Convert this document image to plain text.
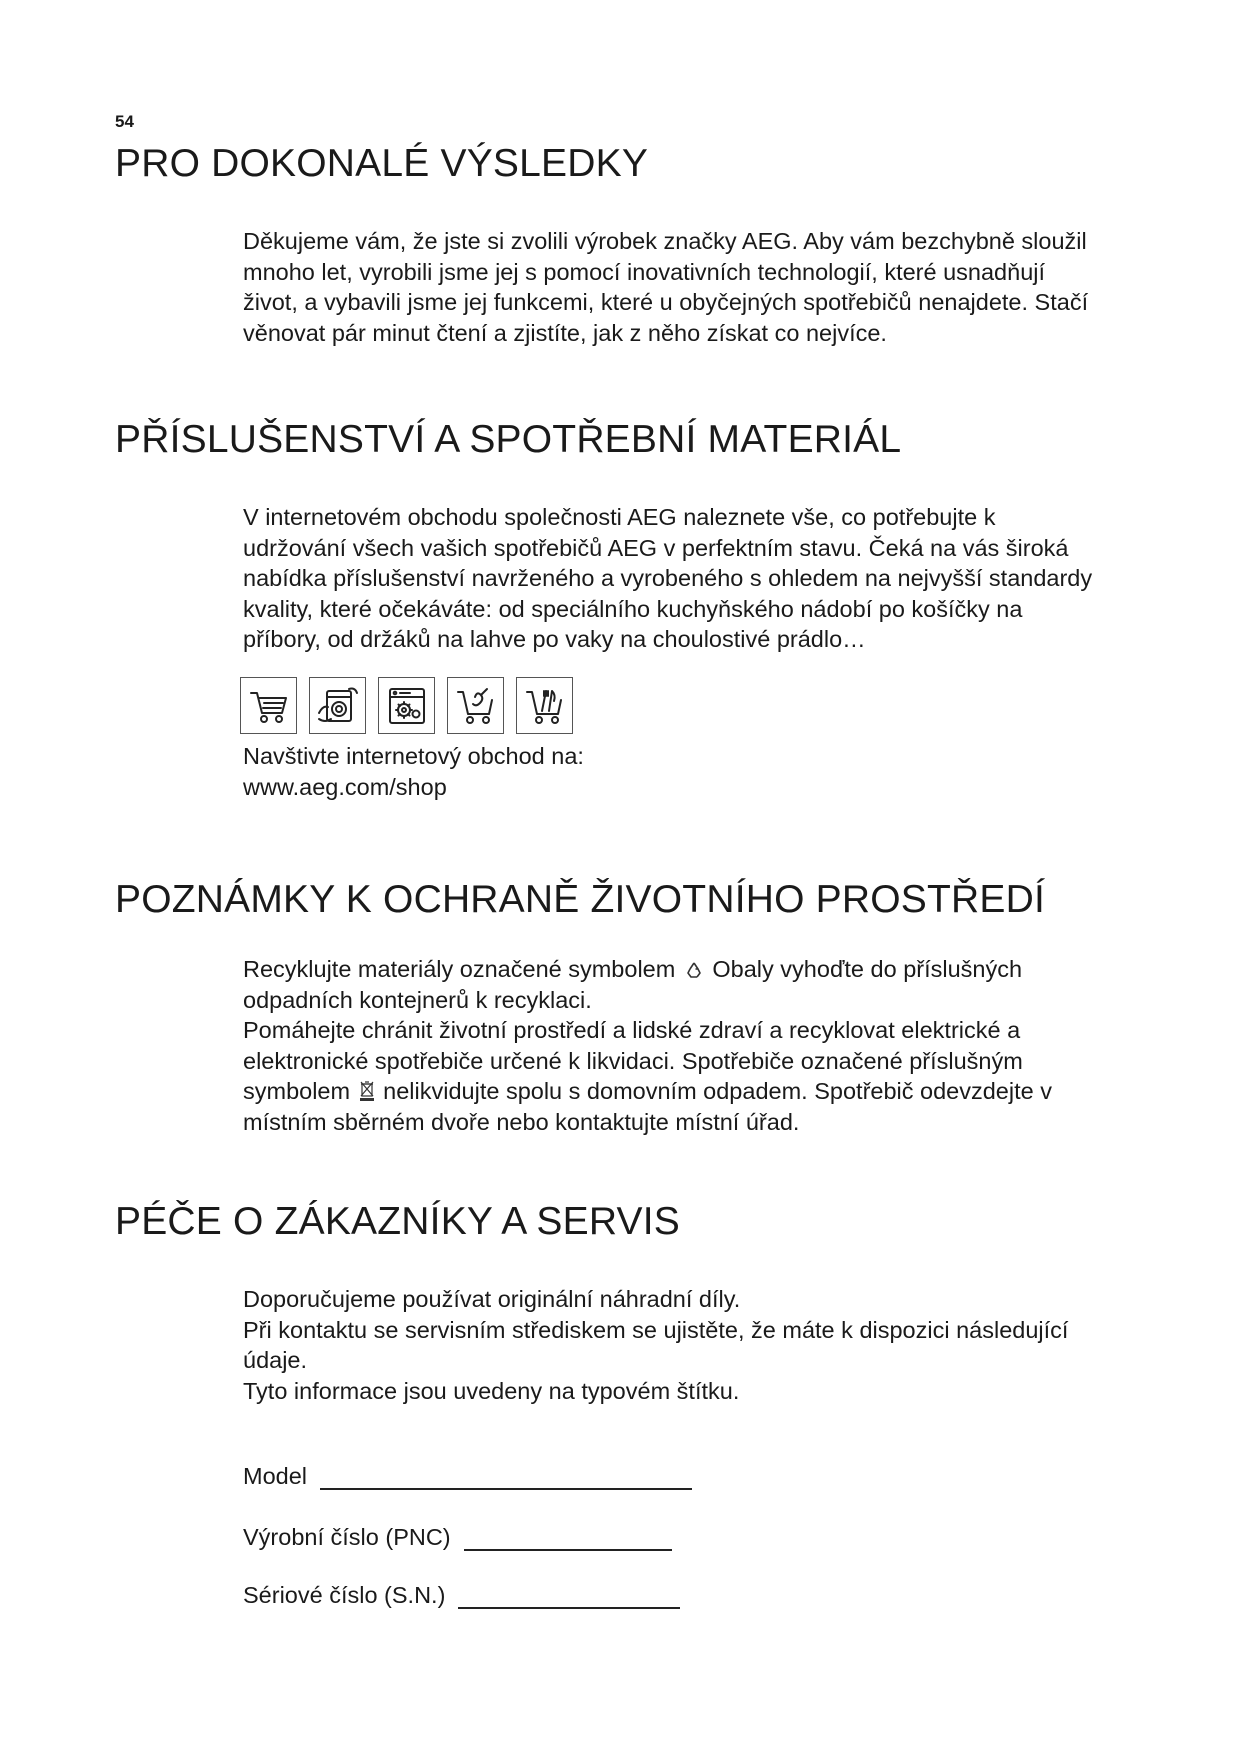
54
PRO DOKONALÉ VÝSLEDKY

Děkujeme vám, že jste si zvolili výrobek značky AEG. Aby vám bezchybně sloužil

mnoho let, vyrobili jsme jej s pomocí inovativních technologií, které usnadňují

život, a vybavili jsme jej funkcemi, které u obyčejných spotřebičů nenajdete. Stačí

věnovat pár minut čtení a zjistíte, jak z něho získat co nejvíce.

PŘÍSLUŠENSTVÍ A SPOTŘEBNÍ MATERIÁL

V internetovém obchodu společnosti AEG naleznete vše, co potřebujte k

udržování všech vašich spotřebičů AEG v perfektním stavu. Čeká na vás široká

nabídka příslušenství navrženého a vyrobeného s ohledem na nejvyšší standardy

kvality, které očekáváte: od speciálního kuchyňského nádobí po košíčky na

příbory, od držáků na lahve po vaky na choulostivé prádlo…

Navštivte internetový obchod na:

www.aeg.com/shop

POZNÁMKY K OCHRANĚ ŽIVOTNÍHO PROSTŘEDÍ

Recyklujte materiály označené symbolem Obaly vyhoďte do příslušných

odpadních kontejnerů k recyklaci.

Pomáhejte chránit životní prostředí a lidské zdraví a recyklovat elektrické a

elektronické spotřebiče určené k likvidaci. Spotřebiče označené příslušným

symbolem nelikvidujte spolu s domovním odpadem. Spotřebič odevzdejte v

místním sběrném dvoře nebo kontaktujte místní úřad.

PÉČE O ZÁKAZNÍKY A SERVIS

Doporučujeme používat originální náhradní díly.

Při kontaktu se servisním střediskem se ujistěte, že máte k dispozici následující

údaje.

Tyto informace jsou uvedeny na typovém štítku.

Model
Výrobní číslo (PNC)
Sériové číslo (S.N.)
